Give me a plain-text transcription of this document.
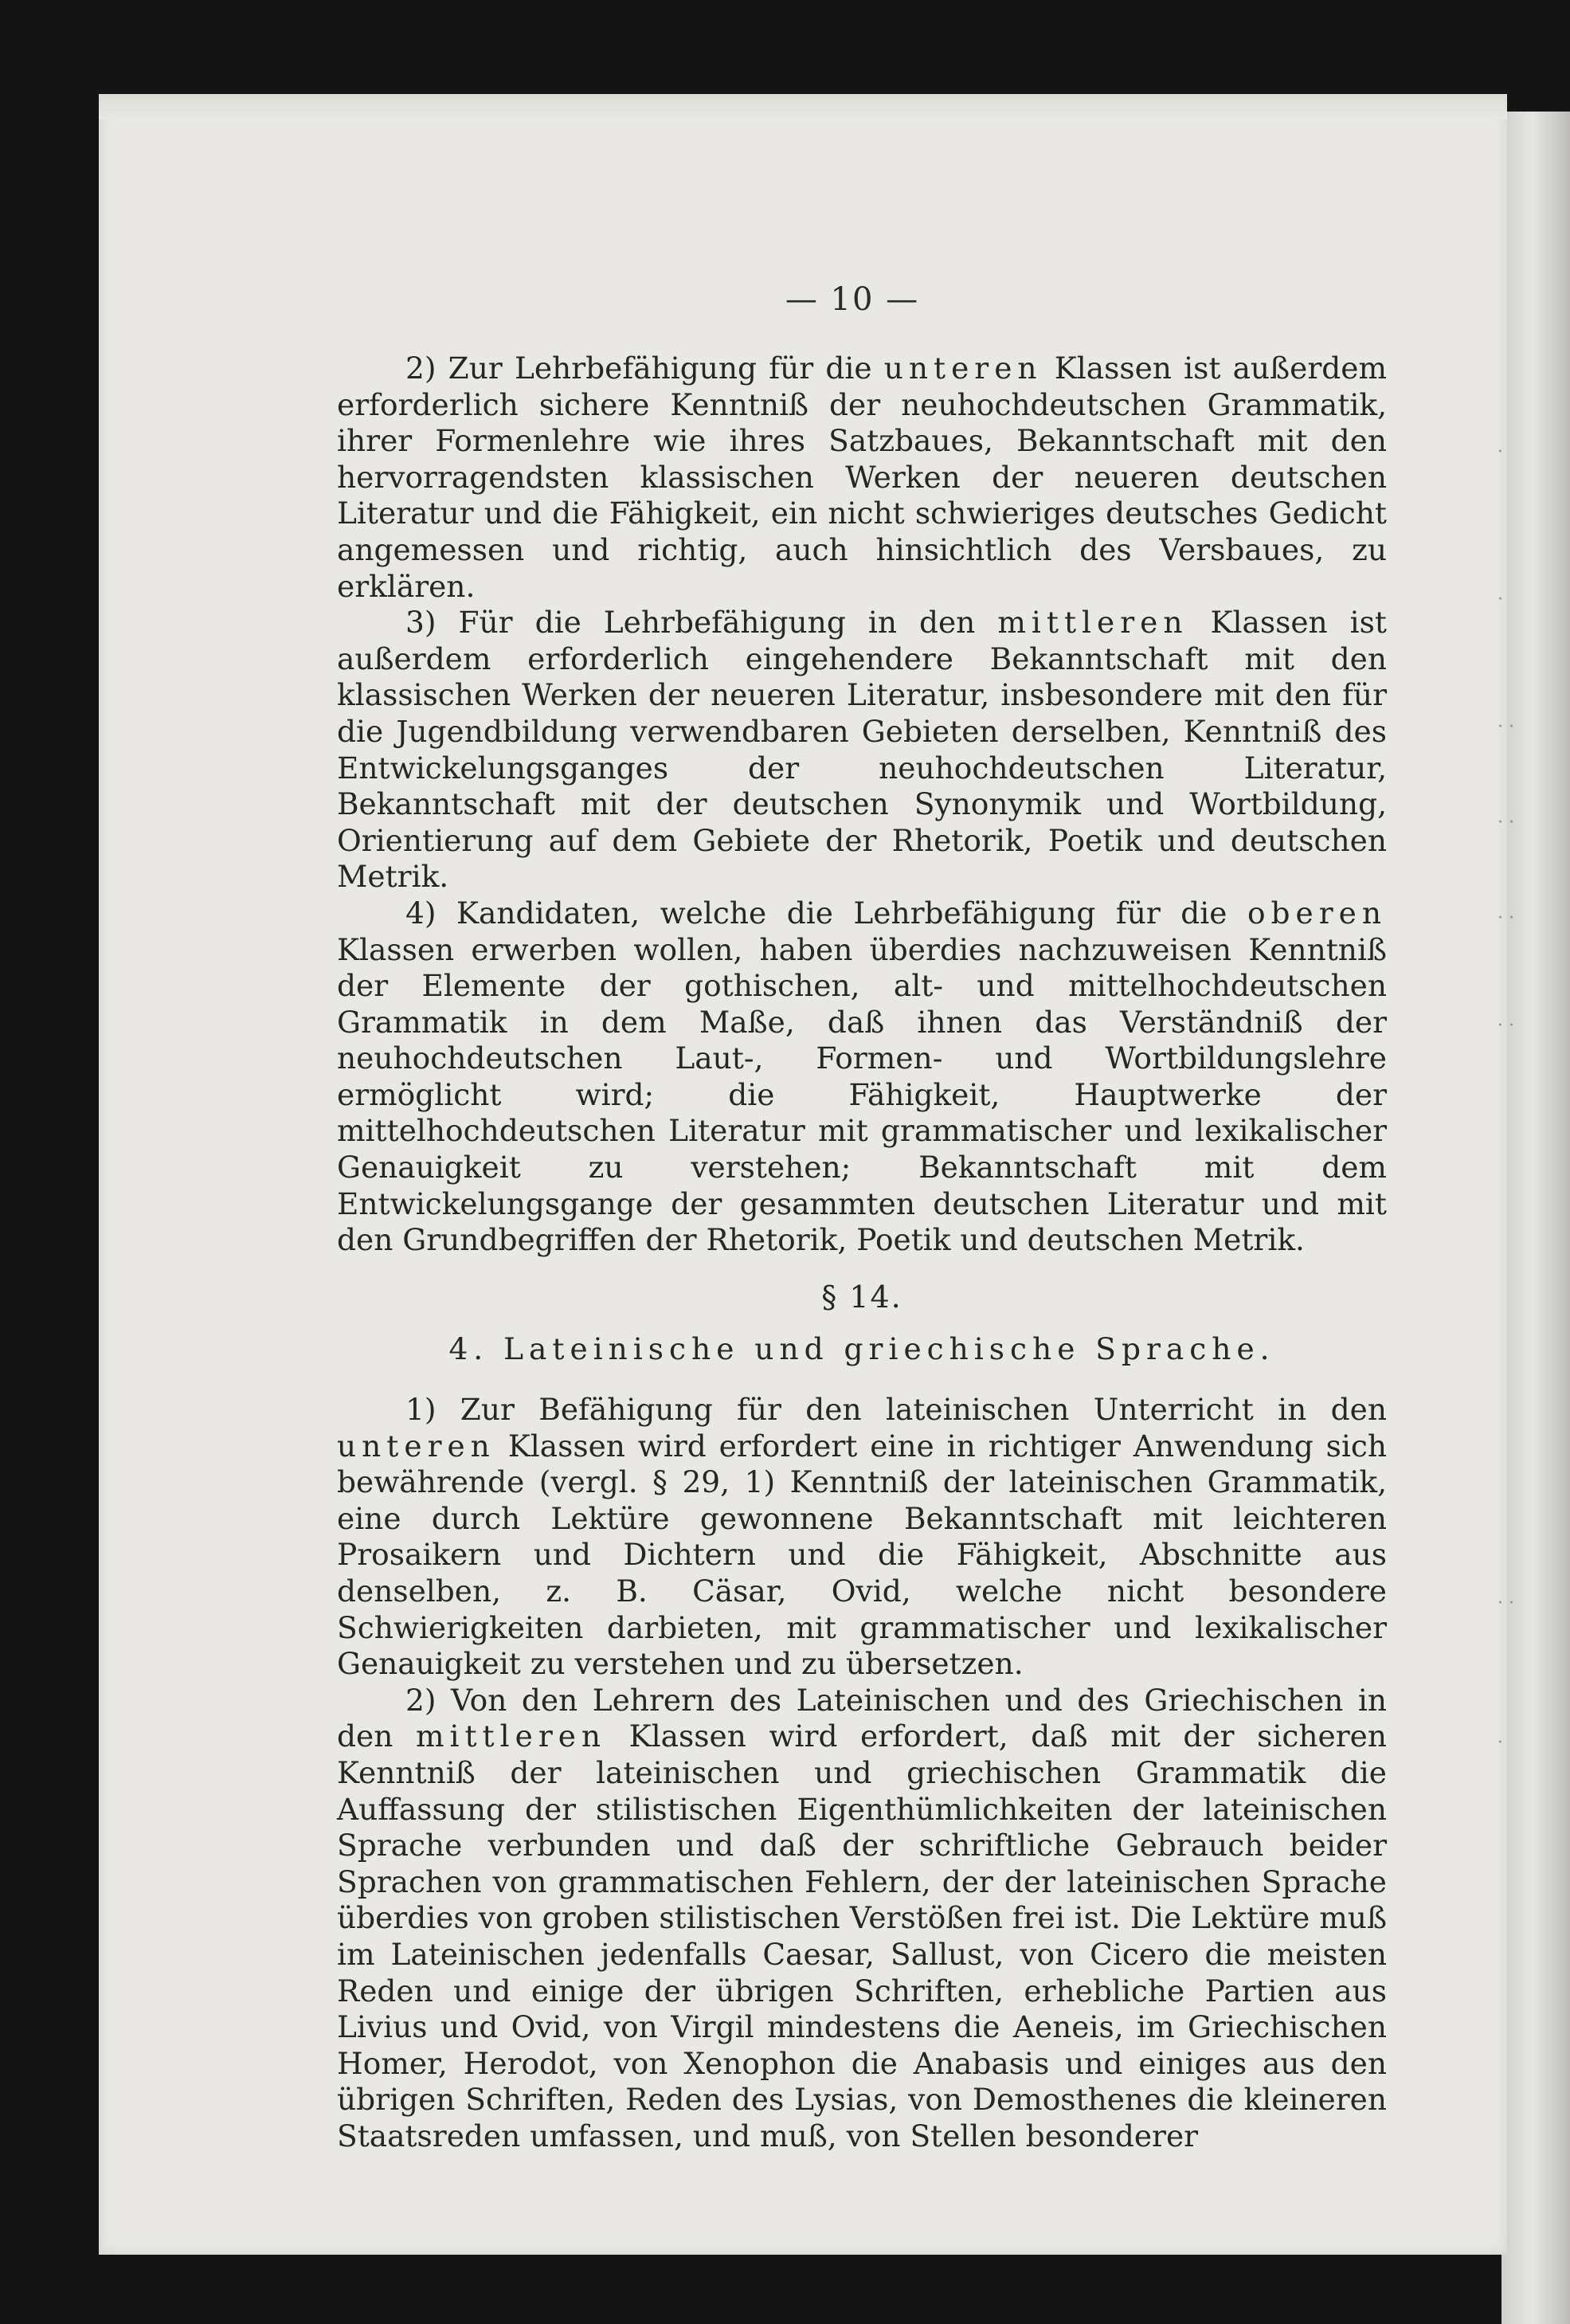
— 10 —

2) Zur Lehrbefähigung für die unteren Klassen ist außerdem erforderlich sichere Kenntniß der neuhochdeutschen Grammatik, ihrer Formenlehre wie ihres Satzbaues, Bekanntschaft mit den hervorragendsten klassischen Werken der neueren deutschen Literatur und die Fähigkeit, ein nicht schwieriges deutsches Gedicht angemessen und richtig, auch hinsichtlich des Versbaues, zu erklären.

3) Für die Lehrbefähigung in den mittleren Klassen ist außerdem erforderlich eingehendere Bekanntschaft mit den klassischen Werken der neueren Literatur, insbesondere mit den für die Jugendbildung verwendbaren Gebieten derselben, Kenntniß des Entwickelungsganges der neuhochdeutschen Literatur, Bekanntschaft mit der deutschen Synonymik und Wortbildung, Orientierung auf dem Gebiete der Rhetorik, Poetik und deutschen Metrik.

4) Kandidaten, welche die Lehrbefähigung für die oberen Klassen erwerben wollen, haben überdies nachzuweisen Kenntniß der Elemente der gothischen, alt- und mittelhochdeutschen Grammatik in dem Maße, daß ihnen das Verständniß der neuhochdeutschen Laut-, Formen- und Wortbildungslehre ermöglicht wird; die Fähigkeit, Hauptwerke der mittelhochdeutschen Literatur mit grammatischer und lexikalischer Genauigkeit zu verstehen; Bekanntschaft mit dem Entwickelungsgange der gesammten deutschen Literatur und mit den Grundbegriffen der Rhetorik, Poetik und deutschen Metrik.

§ 14.
4. Lateinische und griechische Sprache.

1) Zur Befähigung für den lateinischen Unterricht in den unteren Klassen wird erfordert eine in richtiger Anwendung sich bewährende (vergl. § 29, 1) Kenntniß der lateinischen Grammatik, eine durch Lektüre gewonnene Bekanntschaft mit leichteren Prosaikern und Dichtern und die Fähigkeit, Abschnitte aus denselben, z. B. Cäsar, Ovid, welche nicht besondere Schwierigkeiten darbieten, mit grammatischer und lexikalischer Genauigkeit zu verstehen und zu übersetzen.

2) Von den Lehrern des Lateinischen und des Griechischen in den mittleren Klassen wird erfordert, daß mit der sicheren Kenntniß der lateinischen und griechischen Grammatik die Auffassung der stilistischen Eigenthümlichkeiten der lateinischen Sprache verbunden und daß der schriftliche Gebrauch beider Sprachen von grammatischen Fehlern, der der lateinischen Sprache überdies von groben stilistischen Verstößen frei ist. Die Lektüre muß im Lateinischen jedenfalls Caesar, Sallust, von Cicero die meisten Reden und einige der übrigen Schriften, erhebliche Partien aus Livius und Ovid, von Virgil mindestens die Aeneis, im Griechischen Homer, Herodot, von Xenophon die Anabasis und einiges aus den übrigen Schriften, Reden des Lysias, von Demosthenes die kleineren Staatsreden umfassen, und muß, von Stellen besonderer

·
·
· ·
· ·
· ·
· ·
· ·
·
